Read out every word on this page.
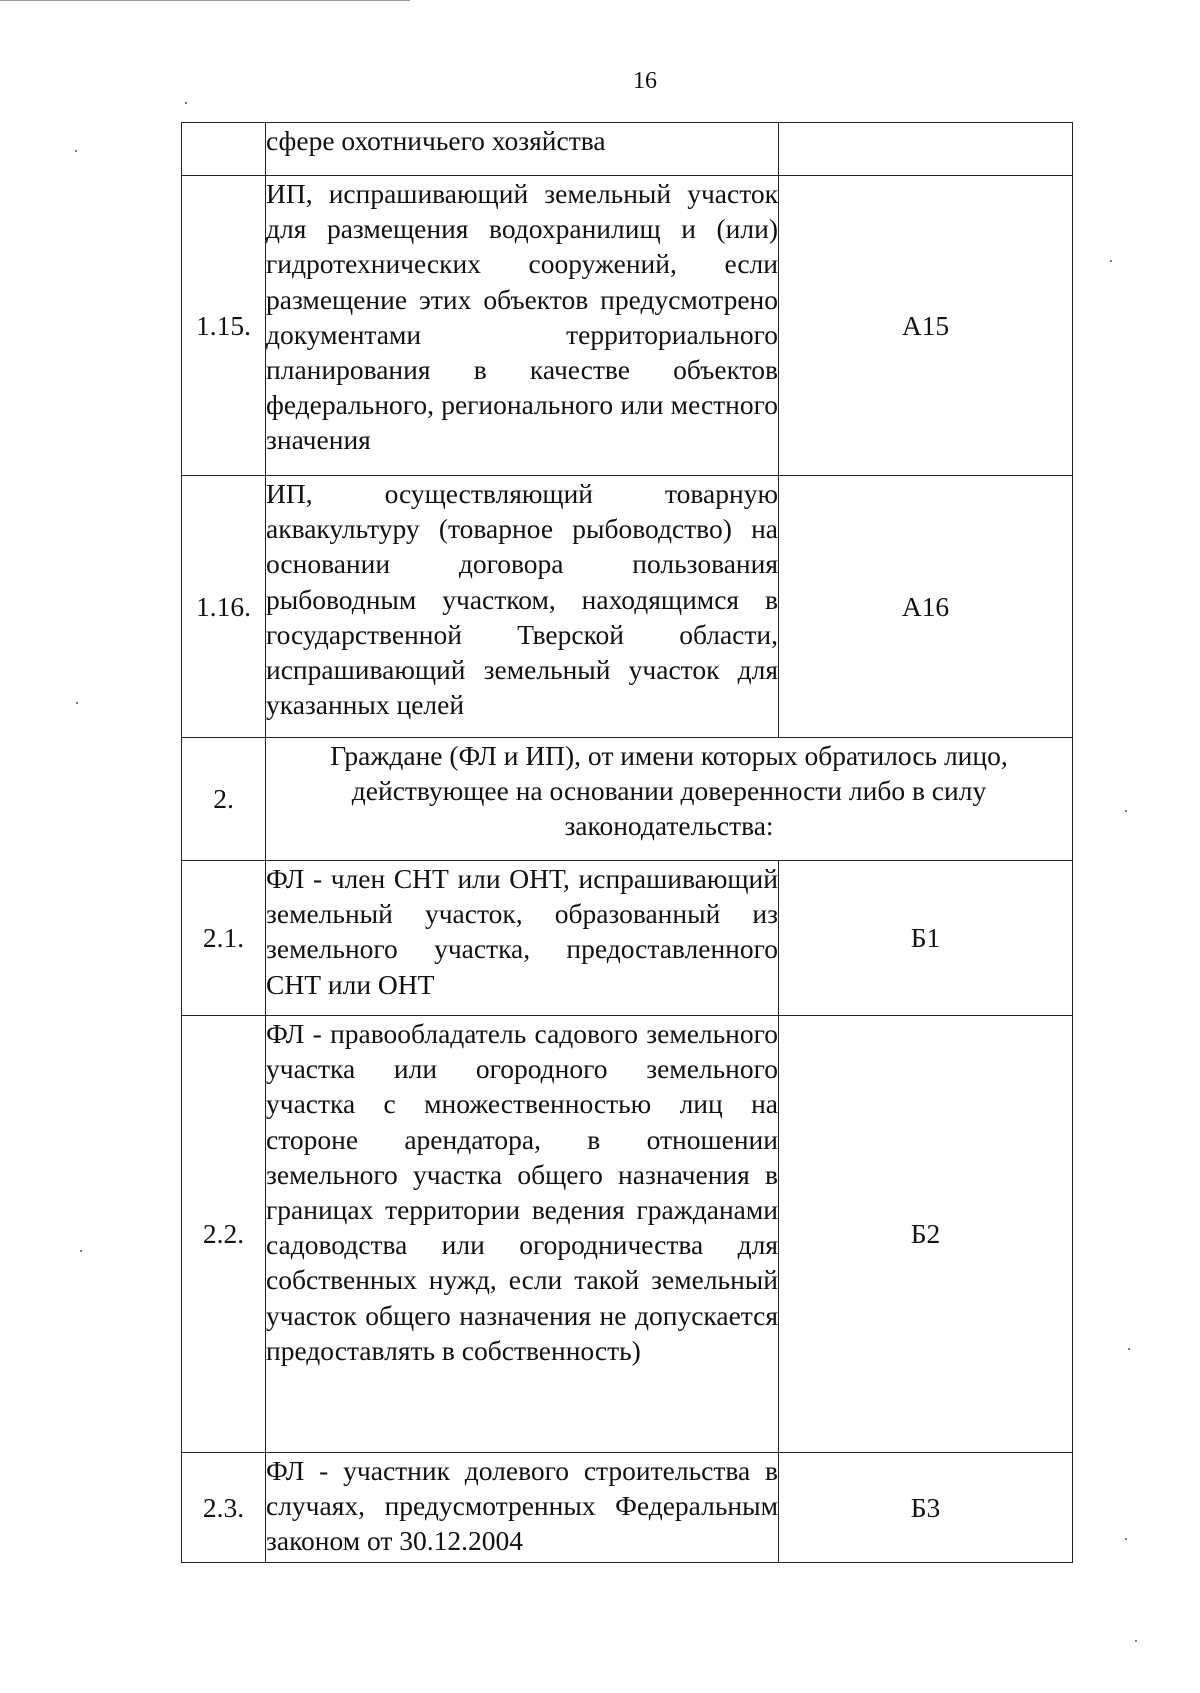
16
	сфере охотничьего хозяйства	
1.15.	ИП, испрашивающий земельный участок для размещения водохранилищ и (или) гидротехнических сооружений, если размещение этих объектов предусмотрено документами территориального планирования в качестве объектов федерального, регионального или местного значения	А15
1.16.	ИП, осуществляющий товарную аквакультуру (товарное рыбоводство) на основании договора пользования рыбоводным участком, находящимся в государственной Тверской области, испрашивающий земельный участок для указанных целей	А16
2.	Граждане (ФЛ и ИП), от имени которых обратилось лицо, действующее на основании доверенности либо в силу законодательства:	
2.1.	ФЛ - член СНТ или ОНТ, испрашивающий земельный участок, образованный из земельного участка, предоставленного СНТ или ОНТ	Б1
2.2.	ФЛ - правообладатель садового земельного участка или огородного земельного участка с множественностью лиц на стороне арендатора, в отношении земельного участка общего назначения в границах территории ведения гражданами садоводства или огородничества для собственных нужд, если такой земельный участок общего назначения не допускается предоставлять в собственность)	Б2
2.3.	ФЛ - участник долевого строительства в случаях, предусмотренных Федеральным законом от 30.12.2004	Б3
